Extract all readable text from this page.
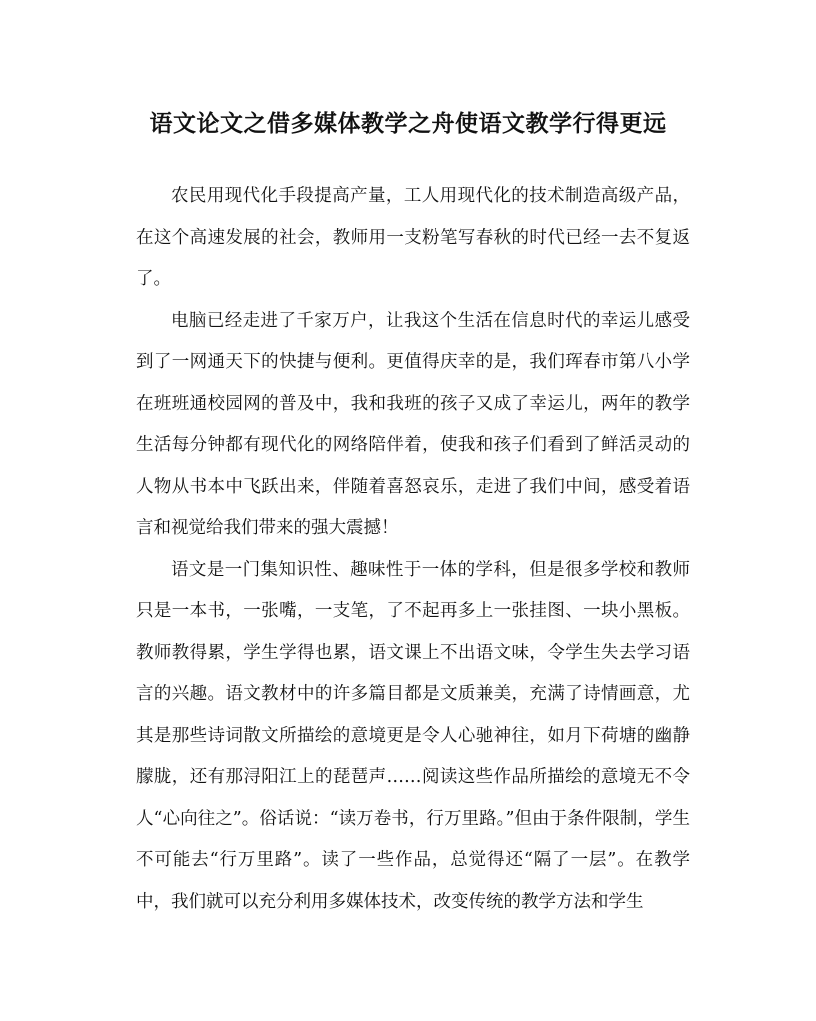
语文论文之借多媒体教学之舟使语文教学行得更远

农民用现代化手段提高产量，工人用现代化的技术制造高级产品，在这个高速发展的社会，教师用一支粉笔写春秋的时代已经一去不复返了。

电脑已经走进了千家万户，让我这个生活在信息时代的幸运儿感受到了一网通天下的快捷与便利。更值得庆幸的是，我们珲春市第八小学在班班通校园网的普及中，我和我班的孩子又成了幸运儿，两年的教学生活每分钟都有现代化的网络陪伴着，使我和孩子们看到了鲜活灵动的人物从书本中飞跃出来，伴随着喜怒哀乐，走进了我们中间，感受着语言和视觉给我们带来的强大震撼！

语文是一门集知识性、趣味性于一体的学科，但是很多学校和教师只是一本书，一张嘴，一支笔，了不起再多上一张挂图、一块小黑板。教师教得累，学生学得也累，语文课上不出语文味，令学生失去学习语言的兴趣。语文教材中的许多篇目都是文质兼美，充满了诗情画意，尤其是那些诗词散文所描绘的意境更是令人心驰神往，如月下荷塘的幽静朦胧，还有那浔阳江上的琵琶声……阅读这些作品所描绘的意境无不令人“心向往之”。俗话说：“读万卷书，行万里路。”但由于条件限制，学生不可能去“行万里路”。读了一些作品，总觉得还“隔了一层”。在教学中，我们就可以充分利用多媒体技术，改变传统的教学方法和学生
